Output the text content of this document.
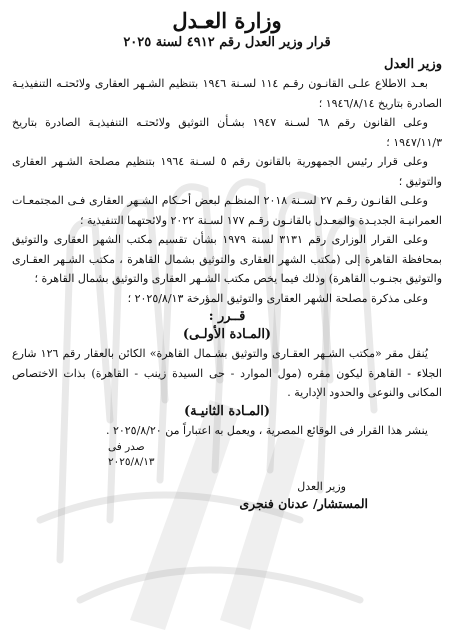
وزارة العـدل
قرار وزير العدل رقم ٤٩١٢ لسنة ٢٠٢٥
وزير العدل

بعـد الاطلاع علـى القانـون رقـم ١١٤ لسـنة ١٩٤٦ بتنظيم الشـهر العقارى ولائحتـه التنفيذيـة الصادرة بتاريخ ١٩٤٦/٨/١٤ ؛

وعلى القانون رقم ٦٨ لسـنة ١٩٤٧ بشـأن التوثيق ولائحتـه التنفيذيـة الصادرة بتاريخ ١٩٤٧/١١/٣ ؛

وعلى قرار رئيس الجمهورية بالقانون رقم ٥ لسـنة ١٩٦٤ بتنظيم مصلحة الشـهر العقارى والتوثيق ؛

وعلـى القانـون رقـم ٢٧ لسـنة ٢٠١٨ المنظـم لبعض أحـكام الشـهر العقارى فـى المجتمعـات العمرانيـة الجديـدة والمعـدل بالقانـون رقـم ١٧٧ لسـنة ٢٠٢٢ ولائحتهما التنفيذية ؛

وعلى القرار الوزارى رقم ٣١٣١ لسنة ١٩٧٩ بشأن تقسيم مكتب الشهر العقارى والتوثيق بمحافظة القاهرة إلى (مكتب الشهر العقارى والتوثيق بشمال القاهرة ، مكتب الشـهر العقـارى والتوثيق بجنـوب القاهرة) وذلك فيما يخص مكتب الشـهر العقارى والتوثيق بشمال القاهرة ؛

وعلى مذكرة مصلحة الشهر العقارى والتوثيق المؤرخة ٢٠٢٥/٨/١٣ ؛

قــرر :
(المـادة الأولـى)

يُنقل مقر «مكتب الشـهر العقـارى والتوثيق بشـمال القاهرة» الكائن بالعقار رقم ١٢٦ شارع الجلاء - القاهرة ليكون مقره (مول الموارد - حى السيدة زينب - القاهرة) بذات الاختصاص المكانى والنوعى والحدود الإدارية .

(المـادة الثانيـة)

ينشر هذا القرار فى الوقائع المصرية ، ويعمل به اعتباراً من ٢٠٢٥/٨/٢٠ .

صدر فى
٢٠٢٥/٨/١٣
وزير العدل
المستشار/ عدنان فنجرى
